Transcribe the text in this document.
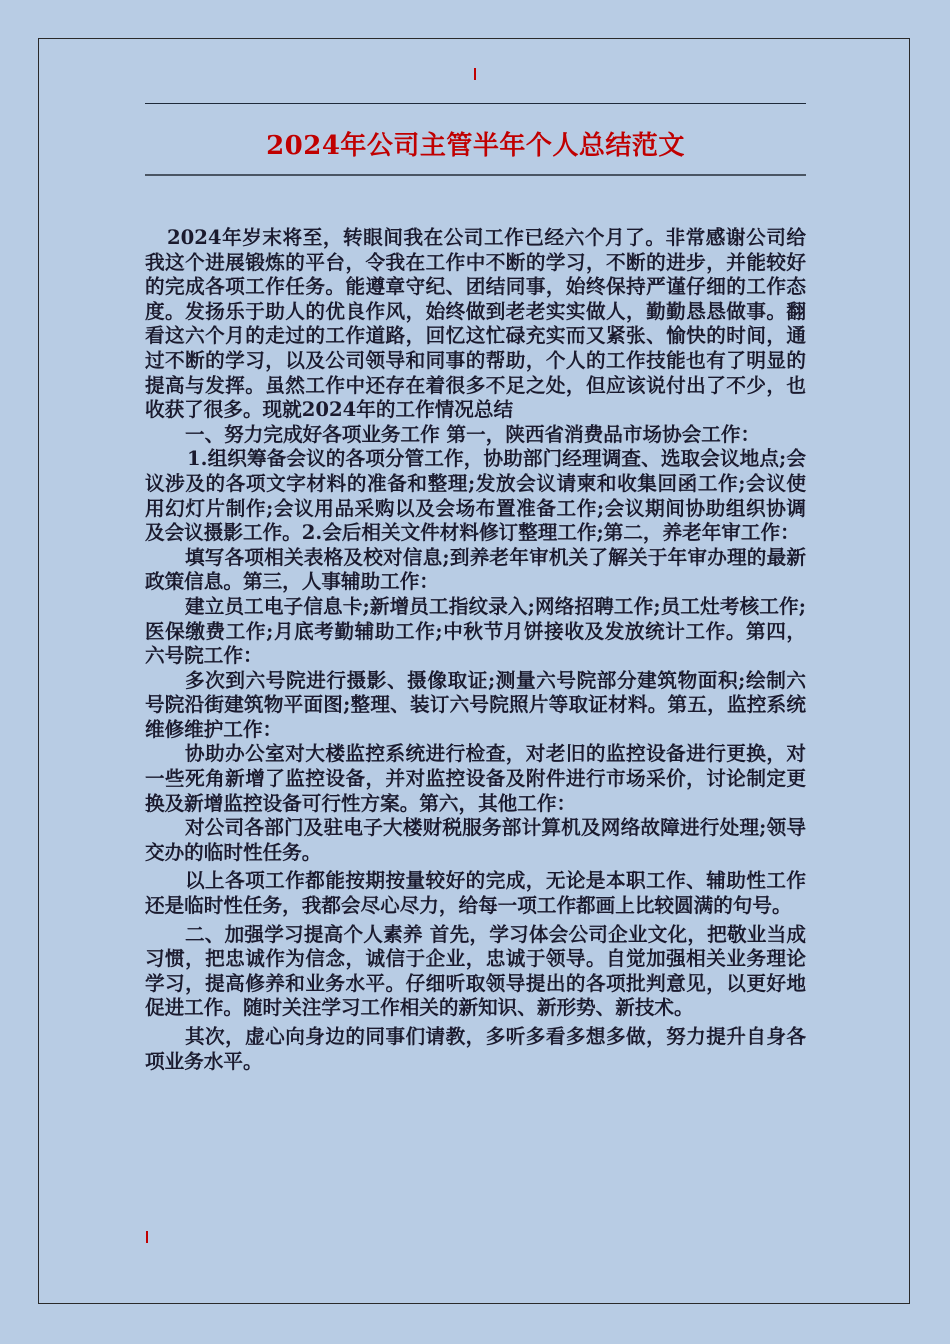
2024年公司主管半年个人总结范文

2024年岁末将至，转眼间我在公司工作已经六个月了。非常感谢公司给我这个进展锻炼的平台，令我在工作中不断的学习，不断的进步，并能较好的完成各项工作任务。能遵章守纪、团结同事，始终保持严谨仔细的工作态度。发扬乐于助人的优良作风，始终做到老老实实做人，勤勤恳恳做事。翻看这六个月的走过的工作道路，回忆这忙碌充实而又紧张、愉快的时间，通过不断的学习，以及公司领导和同事的帮助，个人的工作技能也有了明显的提高与发挥。虽然工作中还存在着很多不足之处，但应该说付出了不少，也收获了很多。现就2024年的工作情况总结

一、努力完成好各项业务工作 第一，陕西省消费品市场协会工作：

1.组织筹备会议的各项分管工作，协助部门经理调查、选取会议地点;会议涉及的各项文字材料的准备和整理;发放会议请柬和收集回函工作;会议使用幻灯片制作;会议用品采购以及会场布置准备工作;会议期间协助组织协调及会议摄影工作。2.会后相关文件材料修订整理工作;第二，养老年审工作：

填写各项相关表格及校对信息;到养老年审机关了解关于年审办理的最新政策信息。第三，人事辅助工作：

建立员工电子信息卡;新增员工指纹录入;网络招聘工作;员工灶考核工作;医保缴费工作;月底考勤辅助工作;中秋节月饼接收及发放统计工作。第四，六号院工作：

多次到六号院进行摄影、摄像取证;测量六号院部分建筑物面积;绘制六号院沿街建筑物平面图;整理、装订六号院照片等取证材料。第五，监控系统维修维护工作：

协助办公室对大楼监控系统进行检查，对老旧的监控设备进行更换，对一些死角新增了监控设备，并对监控设备及附件进行市场采价，讨论制定更换及新增监控设备可行性方案。第六，其他工作：

对公司各部门及驻电子大楼财税服务部计算机及网络故障进行处理;领导交办的临时性任务。

以上各项工作都能按期按量较好的完成，无论是本职工作、辅助性工作还是临时性任务，我都会尽心尽力，给每一项工作都画上比较圆满的句号。

二、加强学习提高个人素养 首先，学习体会公司企业文化，把敬业当成习惯，把忠诚作为信念，诚信于企业，忠诚于领导。自觉加强相关业务理论学习，提高修养和业务水平。仔细听取领导提出的各项批判意见，以更好地促进工作。随时关注学习工作相关的新知识、新形势、新技术。

其次，虚心向身边的同事们请教，多听多看多想多做，努力提升自身各项业务水平。
